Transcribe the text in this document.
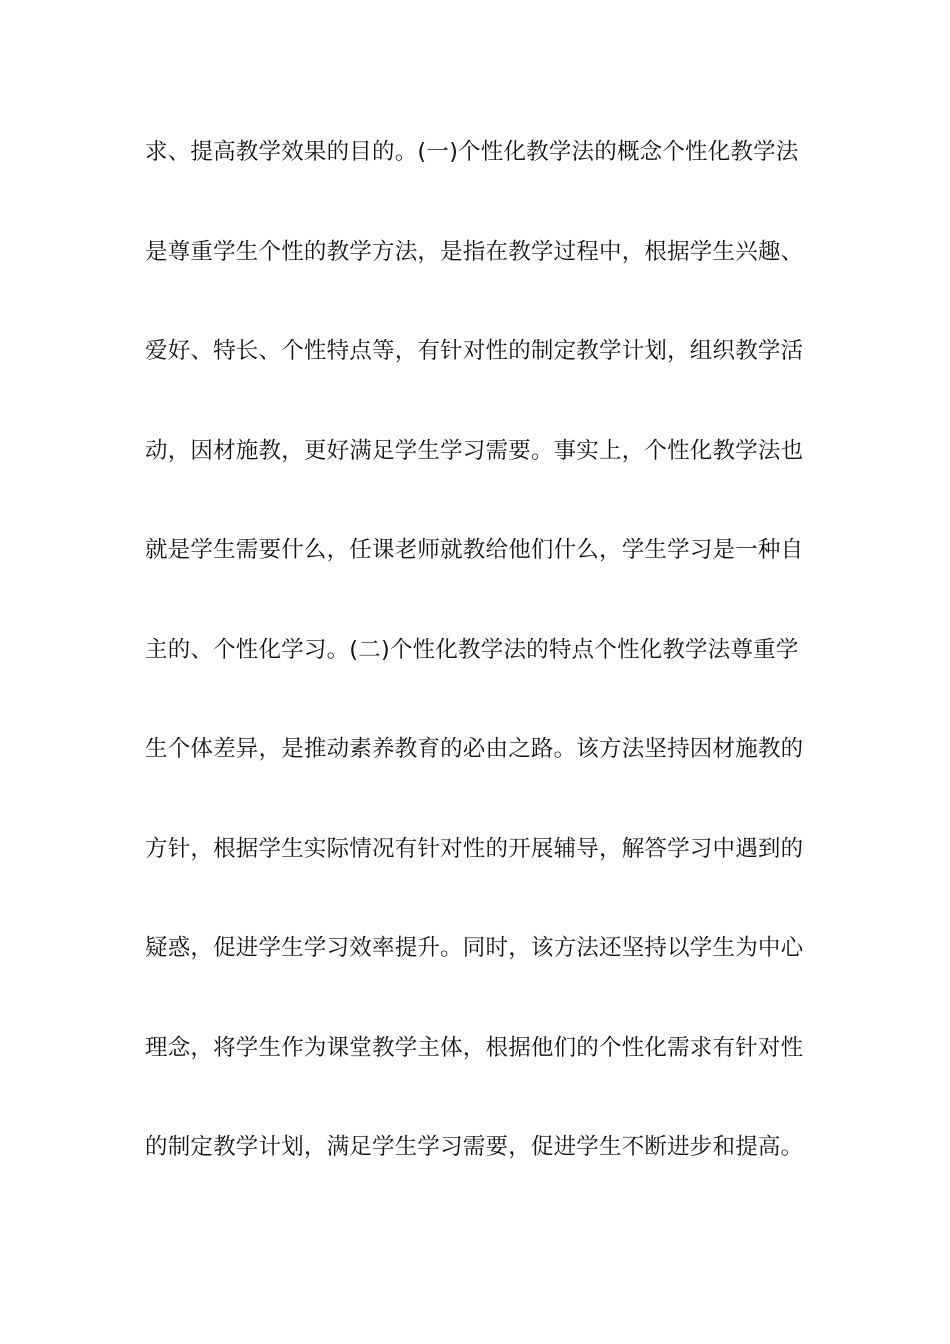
求、提高教学效果的目的。(一)个性化教学法的概念个性化教学法
是尊重学生个性的教学方法，是指在教学过程中，根据学生兴趣、
爱好、特长、个性特点等，有针对性的制定教学计划，组织教学活
动，因材施教，更好满足学生学习需要。事实上，个性化教学法也
就是学生需要什么，任课老师就教给他们什么，学生学习是一种自
主的、个性化学习。(二)个性化教学法的特点个性化教学法尊重学
生个体差异，是推动素养教育的必由之路。该方法坚持因材施教的
方针，根据学生实际情况有针对性的开展辅导，解答学习中遇到的
疑惑，促进学生学习效率提升。同时，该方法还坚持以学生为中心
理念，将学生作为课堂教学主体，根据他们的个性化需求有针对性
的制定教学计划，满足学生学习需要，促进学生不断进步和提高。
